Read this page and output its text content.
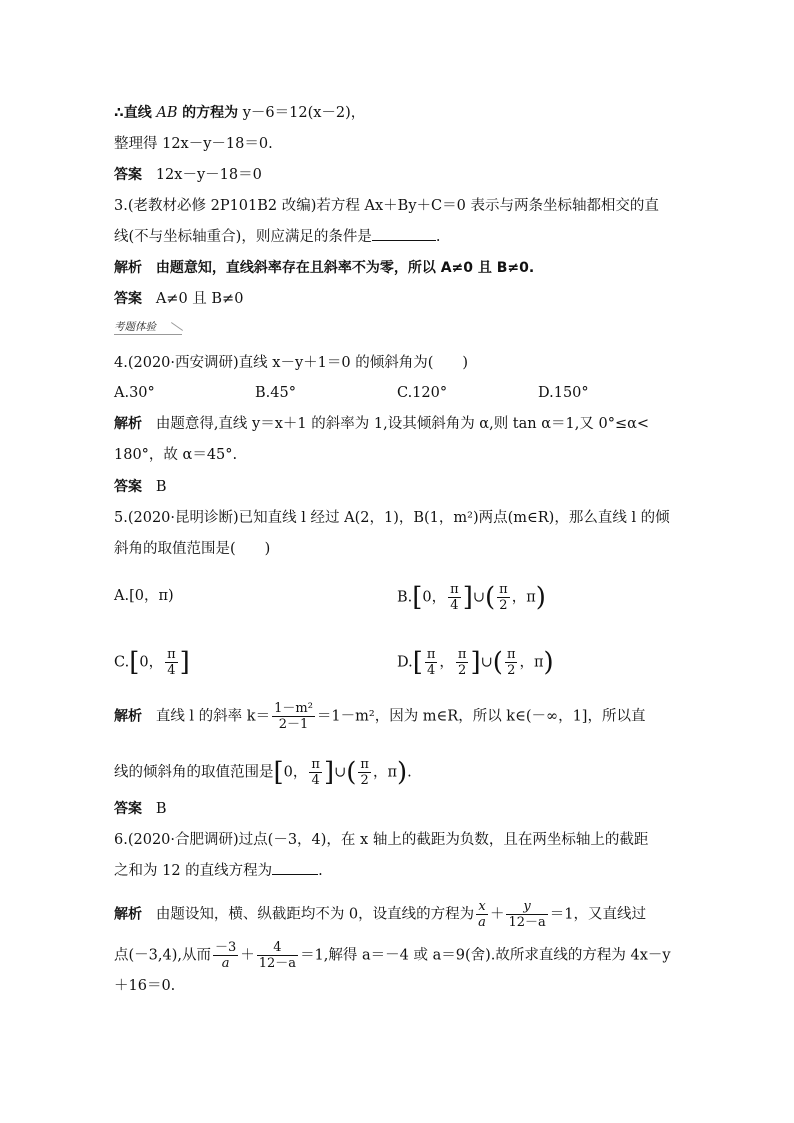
∴直线 AB 的方程为 y－6＝12(x－2)，
整理得 12x－y－18＝0.
答案 12x－y－18＝0
3.(老教材必修 2P101B2 改编)若方程 Ax＋By＋C＝0 表示与两条坐标轴都相交的直
线(不与坐标轴重合)，则应满足的条件是	.
解析 由题意知，直线斜率存在且斜率不为零，所以 A≠0 且 B≠0.
答案 A≠0 且 B≠0
考题体验
4.(2020·西安调研)直线 x－y＋1＝0 的倾斜角为(　　)
A.30°	B.45°	C.120°	D.150°
解析 由题意得,直线 y＝x＋1 的斜率为 1,设其倾斜角为 α,则 tan α＝1,又 0°≤α<
180°，故 α＝45°.
答案 B
5.(2020·昆明诊断)已知直线 l 经过 A(2，1)，B(1，m²)两点(m∈R)，那么直线 l 的倾
斜角的取值范围是(　　)
A.[0，π)	B.[0， $\frac{\pi}{4}$ ]∪( $\frac{\pi}{2}$ ，π)
C.[0， $\frac{\pi}{4}$ ]	$D.[ \frac{\pi}{4}$ ， $\frac{\pi}{2}$ ]∪( $\frac{\pi}{2}$ ，π)
解析 直线 l 的斜率 $k= \frac{\text{1－m²}}{2-1} =1-m^2$，因为 m∈R，所以 k∈(－∞，1]，所以直
线的倾斜角的取值范围是[0， $\frac{\pi}{4}$ ]∪( $\frac{\pi}{2}$ ，π).
答案 B
6.(2020·合肥调研)过点(－3，4)，在 x 轴上的截距为负数，且在两坐标轴上的截距
之和为 12 的直线方程为	.
解析 由题设知，横、纵截距均不为 0，设直线的方程为 $\frac{x}{a} + \frac{y}{12-a} =1$，又直线过
点(－3,4),从而 $\frac{-3}{a} + \frac{4}{12-a} =1$,解得 a＝－4 或 a＝9(舍).故所求直线的方程为 4x－y
＋16＝0.
